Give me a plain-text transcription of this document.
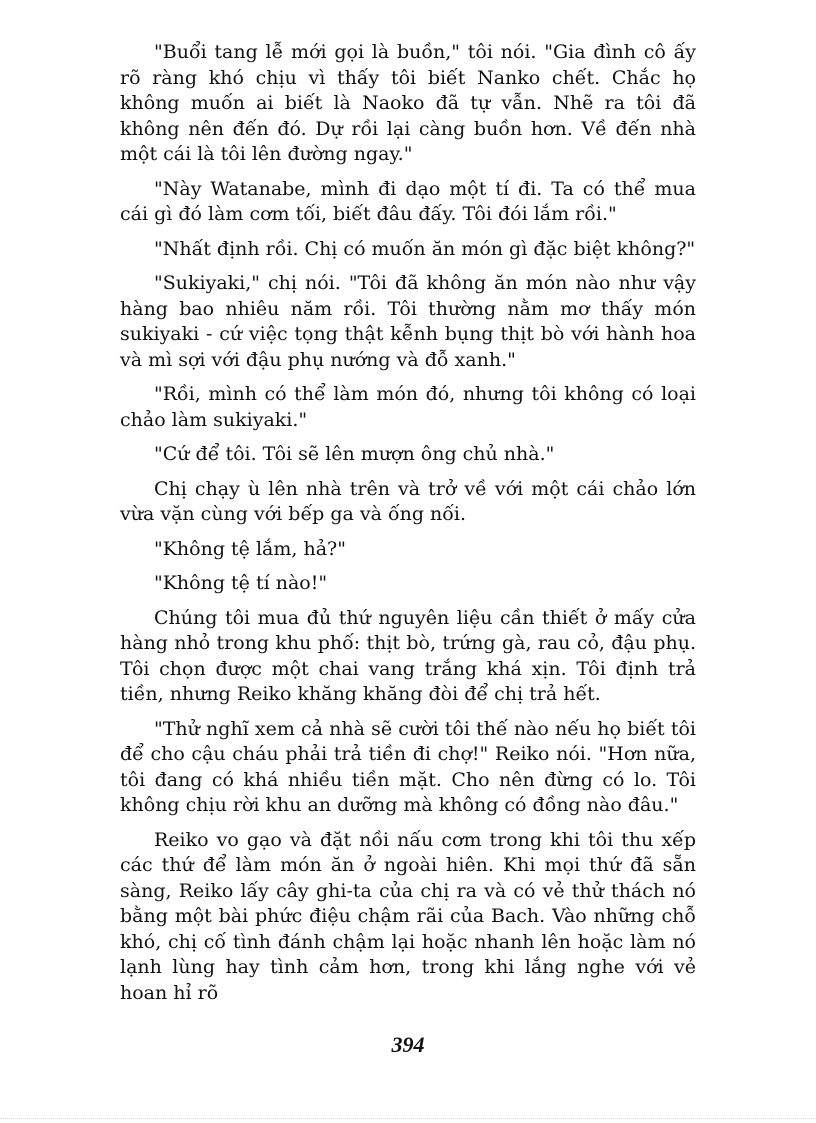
"Buổi tang lễ mới gọi là buồn," tôi nói. "Gia đình cô ấy rõ ràng khó chịu vì thấy tôi biết Nanko chết. Chắc họ không muốn ai biết là Naoko đã tự vẫn. Nhẽ ra tôi đã không nên đến đó. Dự rồi lại càng buồn hơn. Về đến nhà một cái là tôi lên đường ngay."

"Này Watanabe, mình đi dạo một tí đi. Ta có thể mua cái gì đó làm cơm tối, biết đâu đấy. Tôi đói lắm rồi."

"Nhất định rồi. Chị có muốn ăn món gì đặc biệt không?"

"Sukiyaki," chị nói. "Tôi đã không ăn món nào như vậy hàng bao nhiêu năm rồi. Tôi thường nằm mơ thấy món sukiyaki - cứ việc tọng thật kễnh bụng thịt bò với hành hoa và mì sợi với đậu phụ nướng và đỗ xanh."

"Rồi, mình có thể làm món đó, nhưng tôi không có loại chảo làm sukiyaki."

"Cứ để tôi. Tôi sẽ lên mượn ông chủ nhà."

Chị chạy ù lên nhà trên và trở về với một cái chảo lớn vừa vặn cùng với bếp ga và ống nối.

"Không tệ lắm, hả?"

"Không tệ tí nào!"

Chúng tôi mua đủ thứ nguyên liệu cần thiết ở mấy cửa hàng nhỏ trong khu phố: thịt bò, trứng gà, rau cỏ, đậu phụ. Tôi chọn được một chai vang trắng khá xịn. Tôi định trả tiền, nhưng Reiko khăng khăng đòi để chị trả hết.

"Thử nghĩ xem cả nhà sẽ cười tôi thế nào nếu họ biết tôi để cho cậu cháu phải trả tiền đi chợ!" Reiko nói. "Hơn nữa, tôi đang có khá nhiều tiền mặt. Cho nên đừng có lo. Tôi không chịu rời khu an dưỡng mà không có đồng nào đâu."

Reiko vo gạo và đặt nồi nấu cơm trong khi tôi thu xếp các thứ để làm món ăn ở ngoài hiên. Khi mọi thứ đã sẵn sàng, Reiko lấy cây ghi-ta của chị ra và có vẻ thử thách nó bằng một bài phức điệu chậm rãi của Bach. Vào những chỗ khó, chị cố tình đánh chậm lại hoặc nhanh lên hoặc làm nó lạnh lùng hay tình cảm hơn, trong khi lắng nghe với vẻ hoan hỉ rõ

394
